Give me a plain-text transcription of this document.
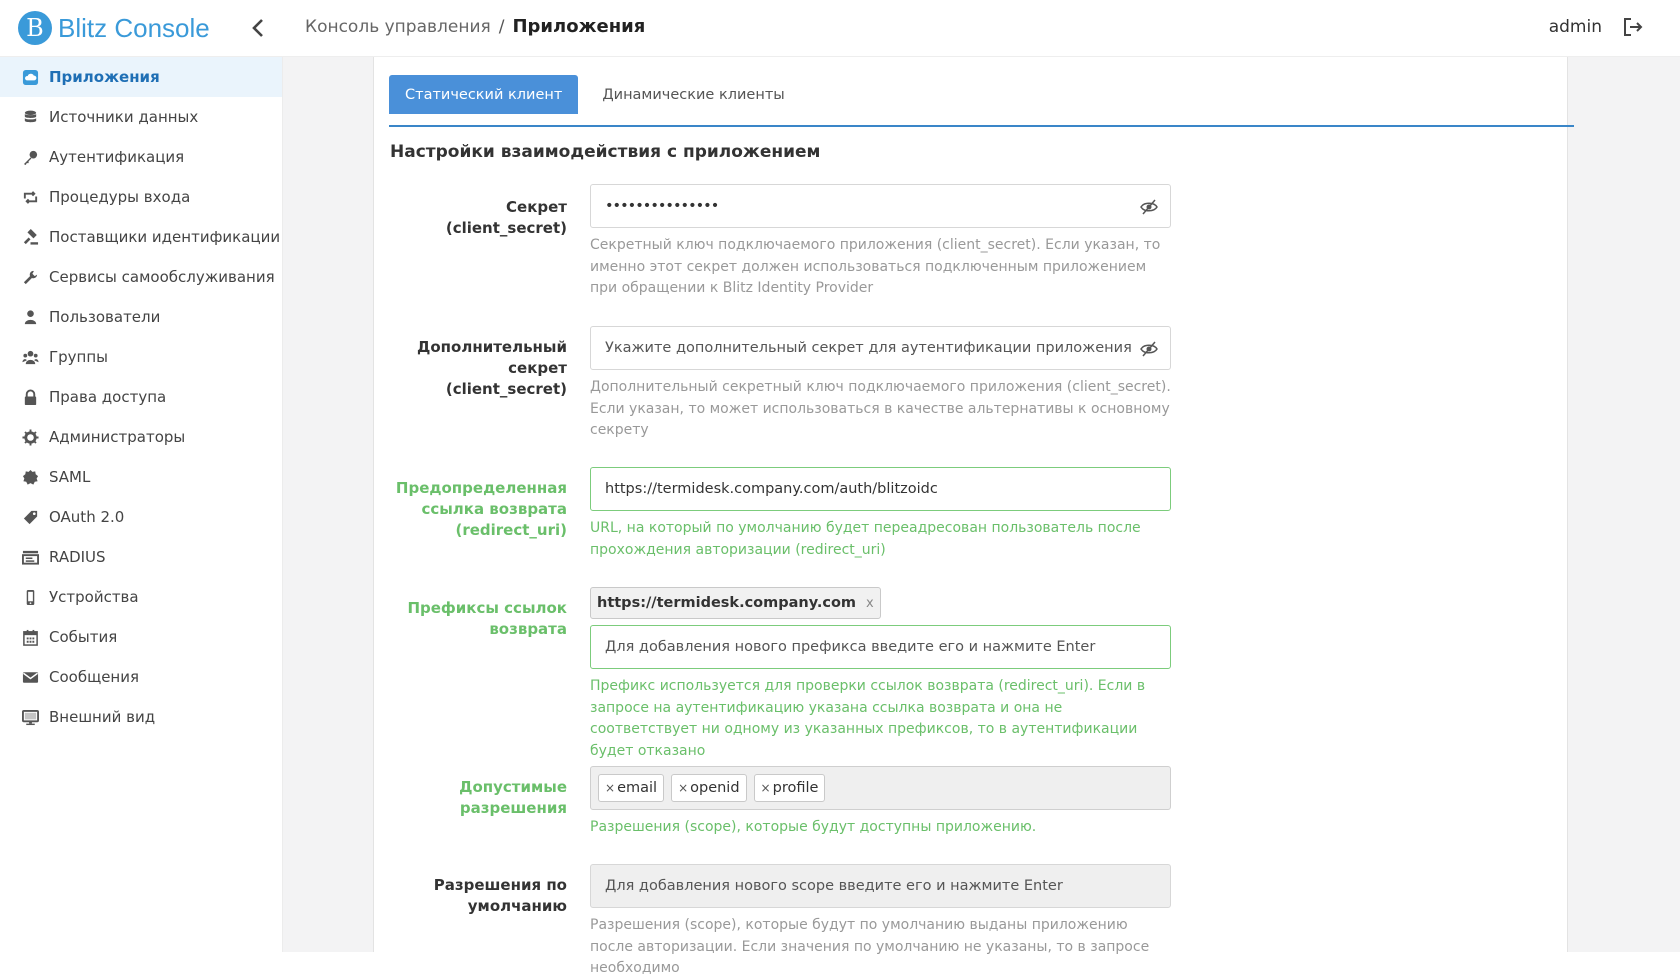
B Blitz Console	Консоль управления / Приложения	admin
Приложения
Источники данных
Аутентификация
Процедуры входа
Поставщики идентификации
Сервисы самообслуживания
Пользователи
Группы
Права доступа
Администраторы
SAML
OAuth 2.0
RADIUS
Устройства
События
Сообщения
Внешний вид
Статический клиент	Динамические клиенты
Настройки взаимодействия с приложением
Секрет (client_secret)
•••••••••••••••
Секретный ключ подключаемого приложения (client_secret). Если указан, то именно этот секрет должен использоваться подключенным приложением при обращении к Blitz Identity Provider
Дополнительный секрет (client_secret)
Укажите дополнительный секрет для аутентификации приложения
Дополнительный секретный ключ подключаемого приложения (client_secret). Если указан, то может использоваться в качестве альтернативы к основному секрету
Предопределенная ссылка возврата (redirect_uri)
https://termidesk.company.com/auth/blitzoidc
URL, на который по умолчанию будет переадресован пользователь после прохождения авторизации (redirect_uri)
Префиксы ссылок возврата
https://termidesk.company.com x
Для добавления нового префикса введите его и нажмите Enter
Префикс используется для проверки ссылок возврата (redirect_uri). Если в запросе на аутентификацию указана ссылка возврата и она не соответствует ни одному из указанных префиксов, то в аутентификации будет отказано
Допустимые разрешения
× email × openid × profile
Разрешения (scope), которые будут доступны приложению.
Разрешения по умолчанию
Для добавления нового scope введите его и нажмите Enter
Разрешения (scope), которые будут по умолчанию выданы приложению после авторизации. Если значения по умолчанию не указаны, то в запросе необходимо
